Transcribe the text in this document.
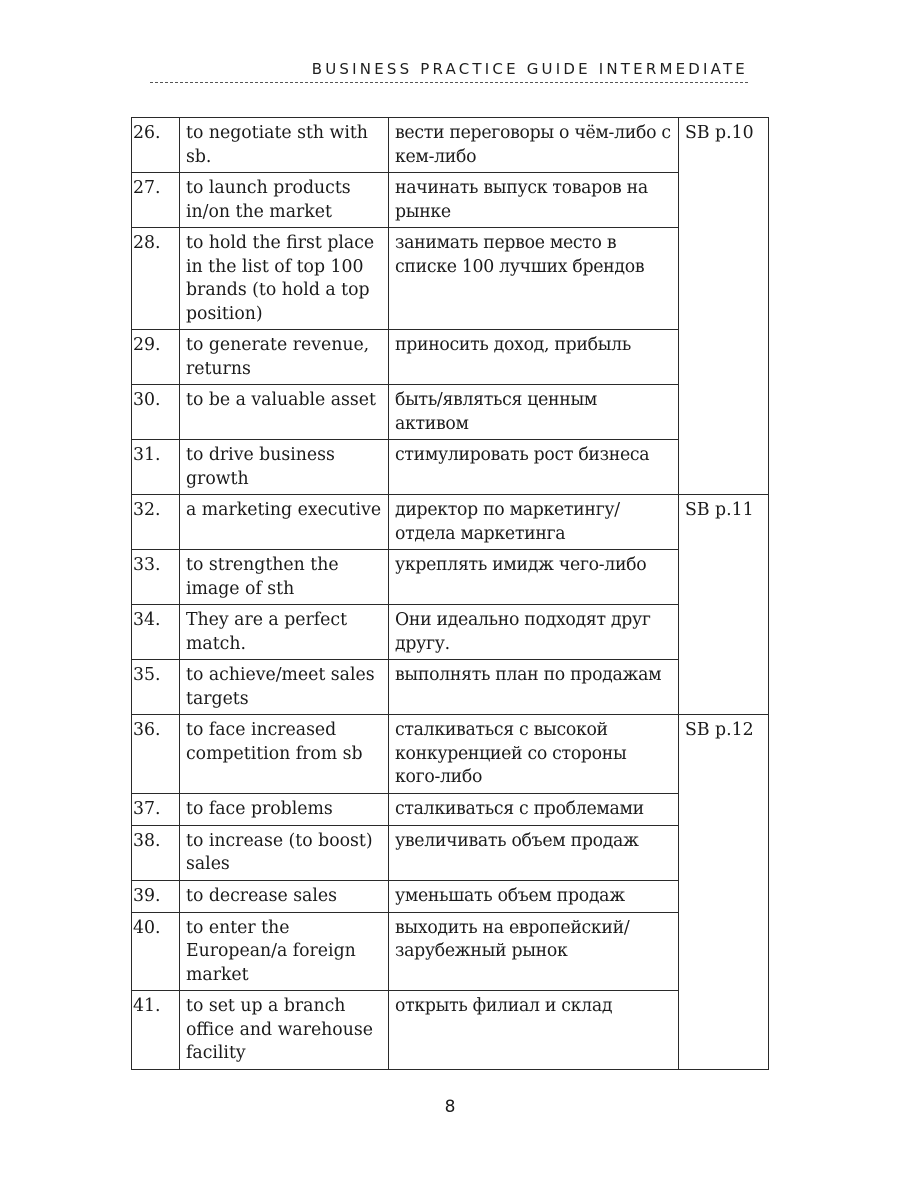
BUSINESS PRACTICE GUIDE INTERMEDIATE
26.	to negotiate sth with sb.	вести переговоры о чём-либо с кем-либо	SB p.10
27.	to launch products in/on the market	начинать выпуск товаров на рынке	
28.	to hold the first place in the list of top 100 brands (to hold a top position)	занимать первое место в списке 100 лучших брендов	
29.	to generate revenue, returns	приносить доход, прибыль	
30.	to be a valuable asset	быть/являться ценным активом	
31.	to drive business growth	стимулировать рост бизнеса	
32.	a marketing executive	директор по маркетингу/ отдела маркетинга	SB p.11
33.	to strengthen the image of sth	укреплять имидж чего-либо	
34.	They are a perfect match.	Они идеально подходят друг другу.	
35.	to achieve/meet sales targets	выполнять план по продажам	
36.	to face increased competition from sb	сталкиваться с высокой конкуренцией со стороны кого-либо	SB p.12
37.	to face problems	сталкиваться с проблемами	
38.	to increase (to boost) sales	увеличивать объем продаж	
39.	to decrease sales	уменьшать объем продаж	
40.	to enter the European/a foreign market	выходить на европейский/ зарубежный рынок	
41.	to set up a branch office and warehouse facility	открыть филиал и склад	
8
